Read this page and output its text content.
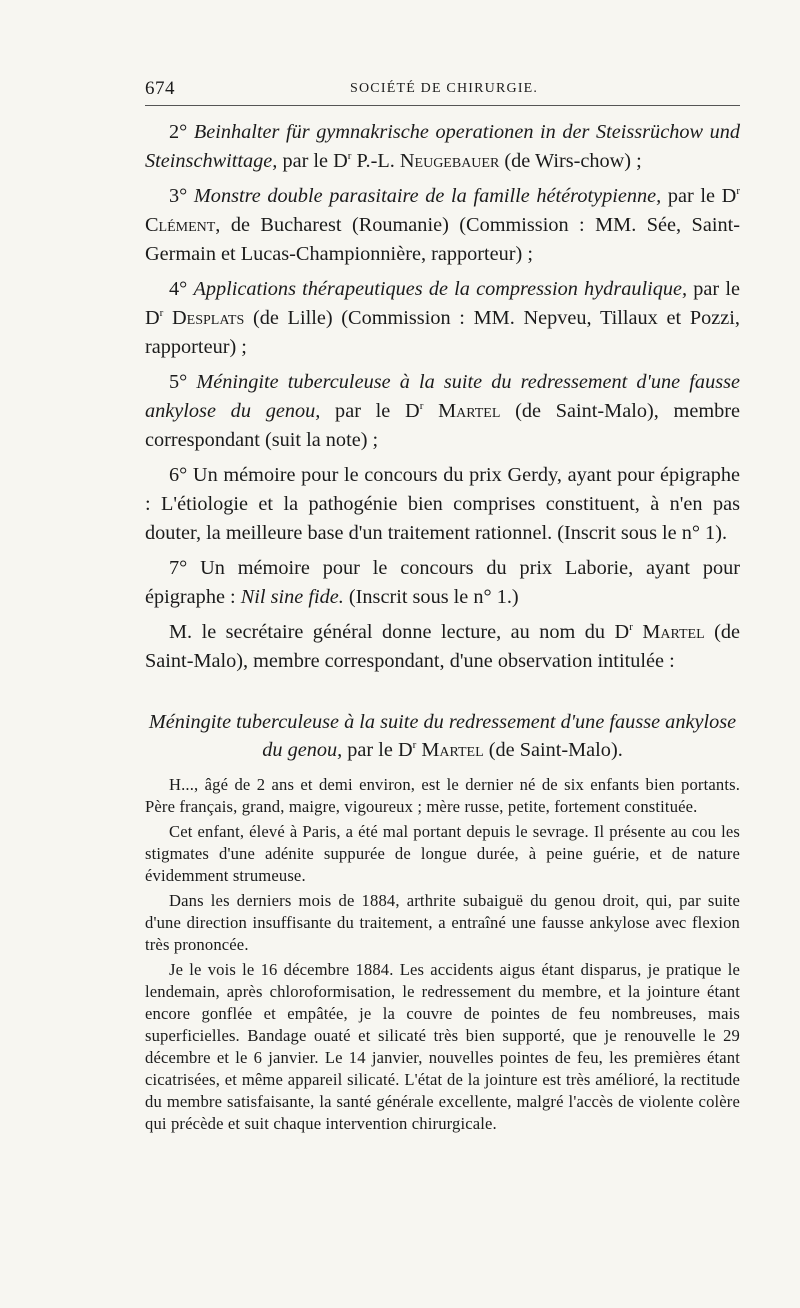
674	SOCIÉTÉ DE CHIRURGIE.

2° Beinhalter für gymnakrische operationen in der Steissrüchow und Steinschwittage, par le $D^r$ P.-L. Neugebauer (de Wirs-chow) ;

3° Monstre double parasitaire de la famille hétérotypienne, par le $D^r$ Clément, de Bucharest (Roumanie) (Commission : MM. Sée, Saint-Germain et Lucas-Championnière, rapporteur) ;

4° Applications thérapeutiques de la compression hydraulique, par le $D^r$ Desplats (de Lille) (Commission : MM. Nepveu, Tillaux et Pozzi, rapporteur) ;

5° Méningite tuberculeuse à la suite du redressement d'une fausse ankylose du genou, par le $D^r$ Martel (de Saint-Malo), membre correspondant (suit la note) ;

6° Un mémoire pour le concours du prix Gerdy, ayant pour épigraphe : L'étiologie et la pathogénie bien comprises constituent, à n'en pas douter, la meilleure base d'un traitement rationnel. (Inscrit sous le n° 1).

7° Un mémoire pour le concours du prix Laborie, ayant pour épigraphe : Nil sine fide. (Inscrit sous le n° 1.)

M. le secrétaire général donne lecture, au nom du $D^r$ Martel (de Saint-Malo), membre correspondant, d'une observation intitulée :

Méningite tuberculeuse à la suite du redressement d'une fausse ankylose du genou, par le $D^r$ Martel (de Saint-Malo).

H..., âgé de 2 ans et demi environ, est le dernier né de six enfants bien portants. Père français, grand, maigre, vigoureux ; mère russe, petite, fortement constituée.

Cet enfant, élevé à Paris, a été mal portant depuis le sevrage. Il présente au cou les stigmates d'une adénite suppurée de longue durée, à peine guérie, et de nature évidemment strumeuse.

Dans les derniers mois de 1884, arthrite subaiguë du genou droit, qui, par suite d'une direction insuffisante du traitement, a entraîné une fausse ankylose avec flexion très prononcée.

Je le vois le 16 décembre 1884. Les accidents aigus étant disparus, je pratique le lendemain, après chloroformisation, le redressement du membre, et la jointure étant encore gonflée et empâtée, je la couvre de pointes de feu nombreuses, mais superficielles. Bandage ouaté et silicaté très bien supporté, que je renouvelle le 29 décembre et le 6 janvier. Le 14 janvier, nouvelles pointes de feu, les premières étant cicatrisées, et même appareil silicaté. L'état de la jointure est très amélioré, la rectitude du membre satisfaisante, la santé générale excellente, malgré l'accès de violente colère qui précède et suit chaque intervention chirurgicale.
